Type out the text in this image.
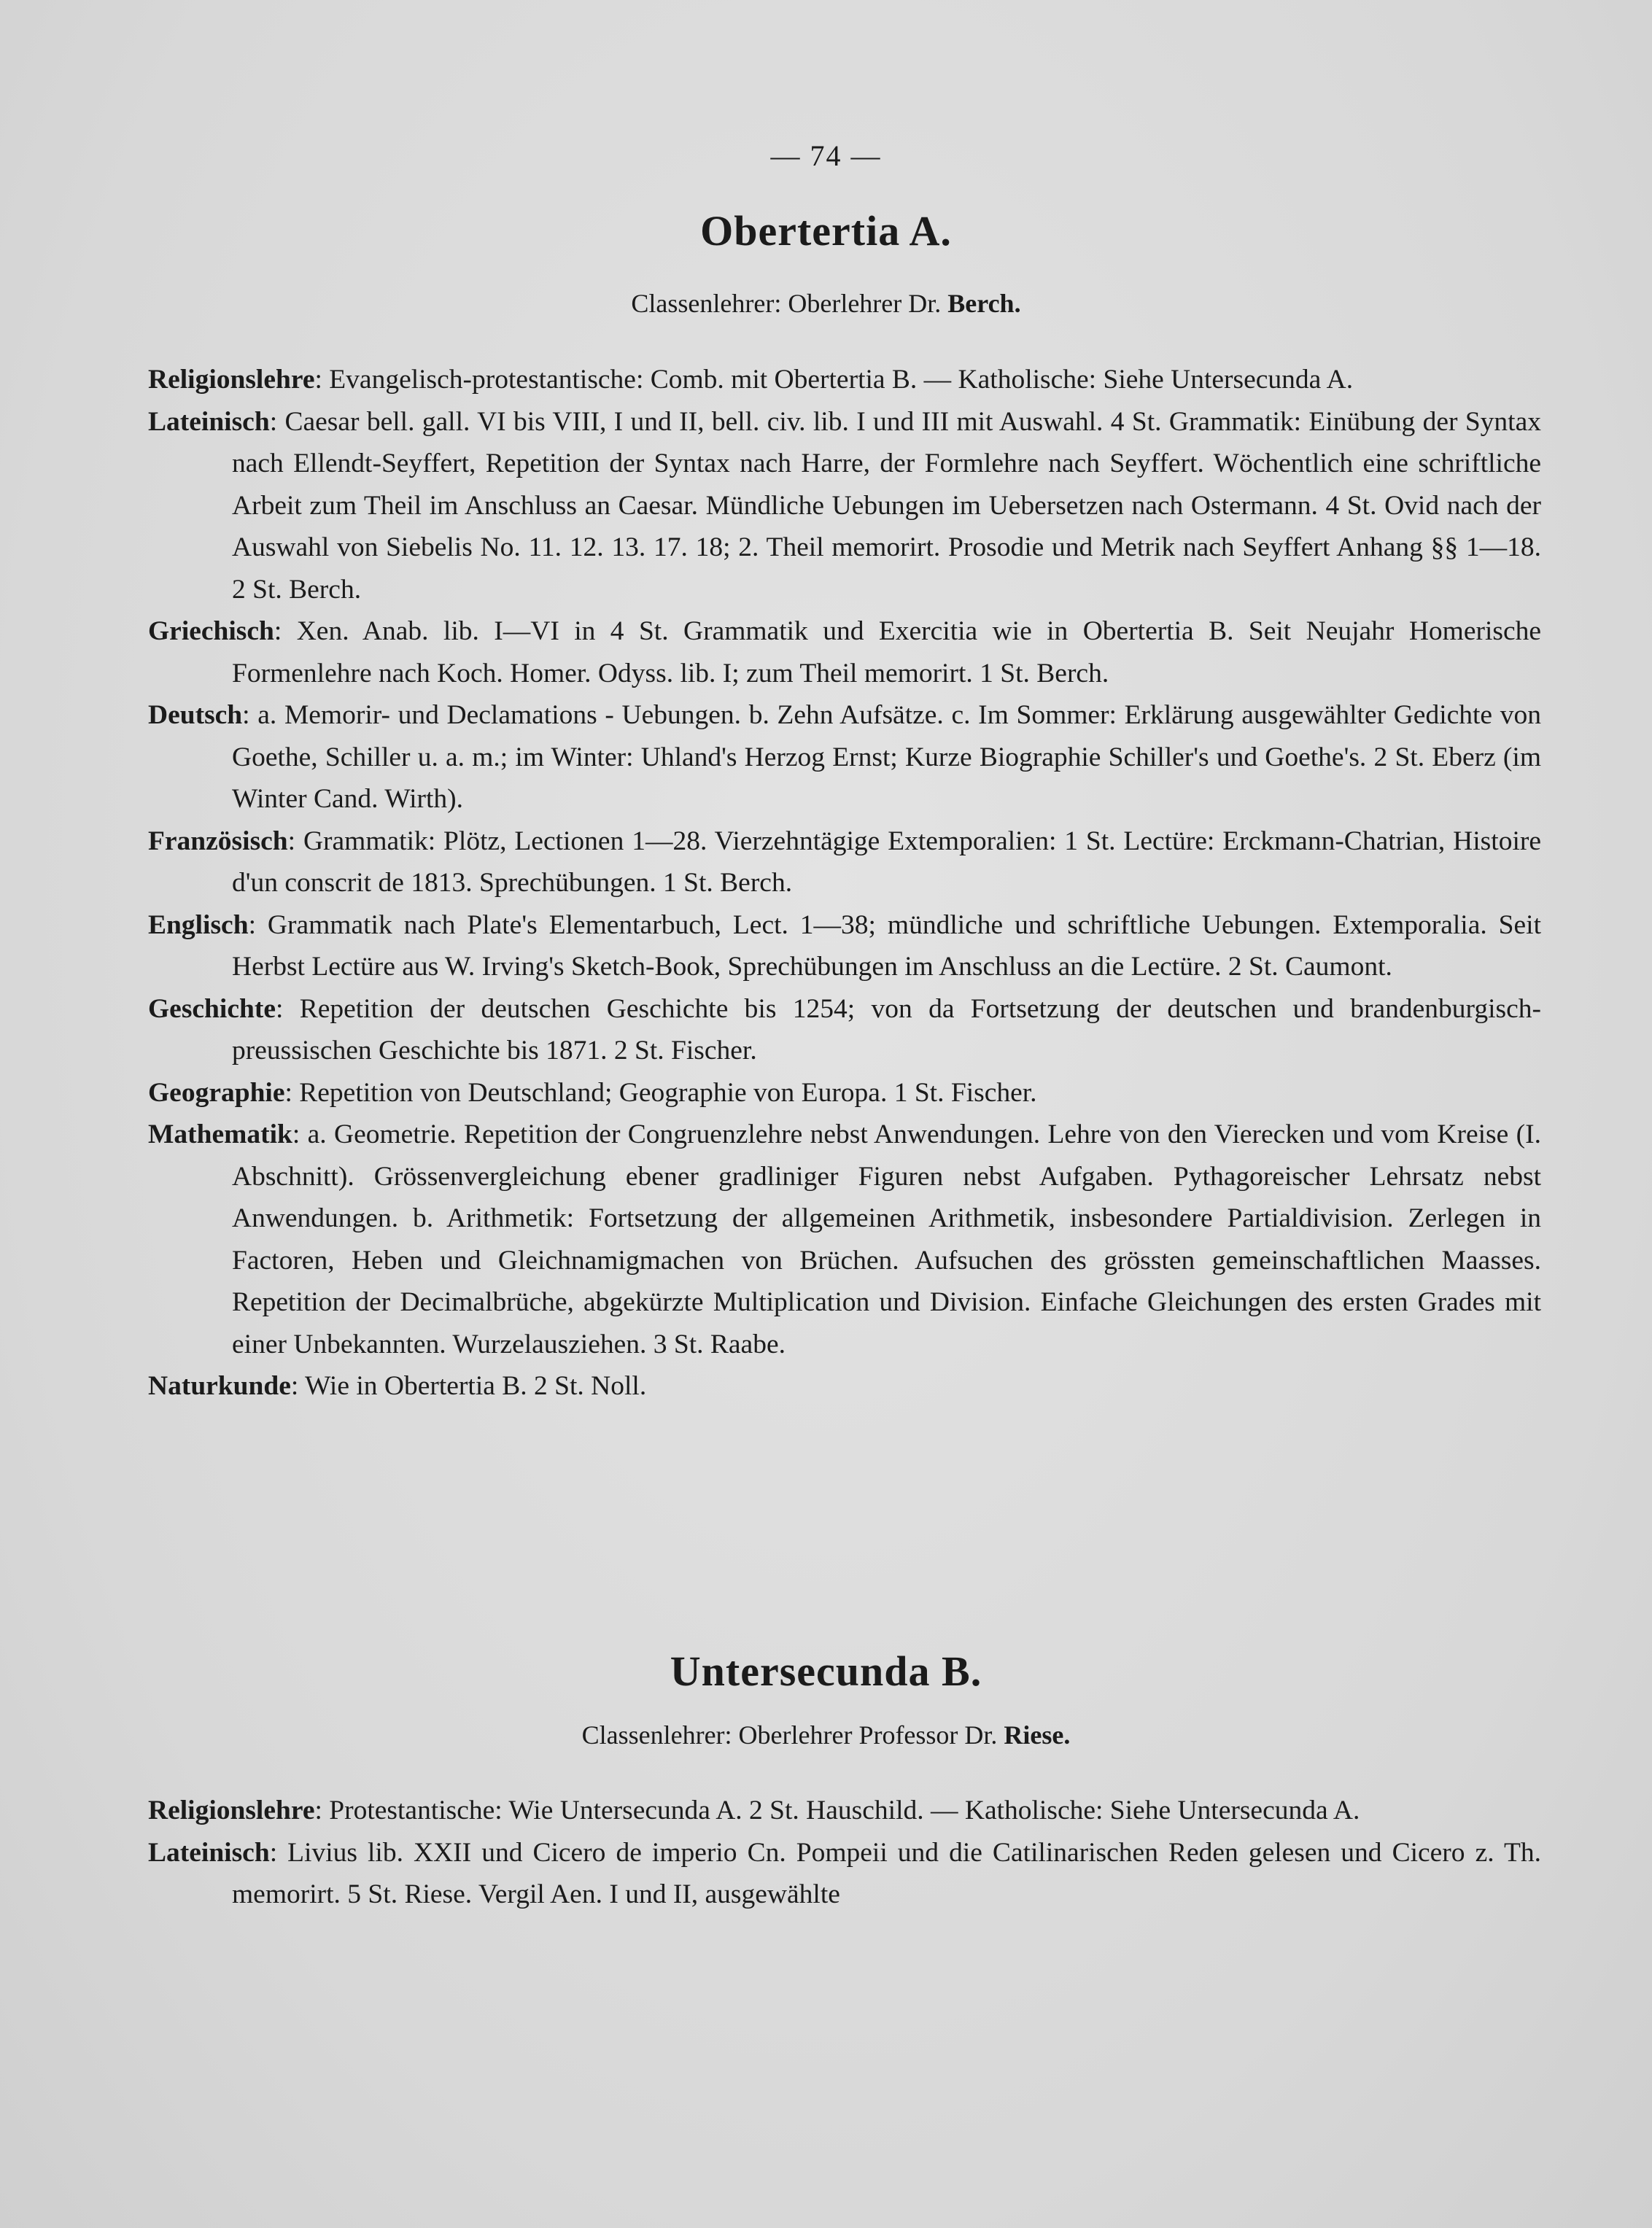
— 74 —
Obertertia A.
Classenlehrer: Oberlehrer Dr. Berch.

Religionslehre: Evangelisch-protestantische: Comb. mit Obertertia B. — Katholische: Siehe Untersecunda A.

Lateinisch: Caesar bell. gall. VI bis VIII, I und II, bell. civ. lib. I und III mit Auswahl. 4 St. Grammatik: Einübung der Syntax nach Ellendt-Seyffert, Repetition der Syntax nach Harre, der Formlehre nach Seyffert. Wöchentlich eine schriftliche Arbeit zum Theil im Anschluss an Caesar. Mündliche Uebungen im Uebersetzen nach Ostermann. 4 St. Ovid nach der Auswahl von Siebelis No. 11. 12. 13. 17. 18; 2. Theil memorirt. Prosodie und Metrik nach Seyffert Anhang §§ 1—18. 2 St. Berch.

Griechisch: Xen. Anab. lib. I—VI in 4 St. Grammatik und Exercitia wie in Obertertia B. Seit Neujahr Homerische Formenlehre nach Koch. Homer. Odyss. lib. I; zum Theil memorirt. 1 St. Berch.

Deutsch: a. Memorir- und Declamations - Uebungen. b. Zehn Aufsätze. c. Im Sommer: Erklärung ausgewählter Gedichte von Goethe, Schiller u. a. m.; im Winter: Uhland's Herzog Ernst; Kurze Biographie Schiller's und Goethe's. 2 St. Eberz (im Winter Cand. Wirth).

Französisch: Grammatik: Plötz, Lectionen 1—28. Vierzehntägige Extemporalien: 1 St. Lectüre: Erckmann-Chatrian, Histoire d'un conscrit de 1813. Sprechübungen. 1 St. Berch.

Englisch: Grammatik nach Plate's Elementarbuch, Lect. 1—38; mündliche und schriftliche Uebungen. Extemporalia. Seit Herbst Lectüre aus W. Irving's Sketch-Book, Sprechübungen im Anschluss an die Lectüre. 2 St. Caumont.

Geschichte: Repetition der deutschen Geschichte bis 1254; von da Fortsetzung der deutschen und brandenburgisch-preussischen Geschichte bis 1871. 2 St. Fischer.

Geographie: Repetition von Deutschland; Geographie von Europa. 1 St. Fischer.

Mathematik: a. Geometrie. Repetition der Congruenzlehre nebst Anwendungen. Lehre von den Vierecken und vom Kreise (I. Abschnitt). Grössenvergleichung ebener gradliniger Figuren nebst Aufgaben. Pythagoreischer Lehrsatz nebst Anwendungen. b. Arithmetik: Fortsetzung der allgemeinen Arithmetik, insbesondere Partialdivision. Zerlegen in Factoren, Heben und Gleichnamigmachen von Brüchen. Aufsuchen des grössten gemeinschaftlichen Maasses. Repetition der Decimalbrüche, abgekürzte Multiplication und Division. Einfache Gleichungen des ersten Grades mit einer Unbekannten. Wurzelausziehen. 3 St. Raabe.

Naturkunde: Wie in Obertertia B. 2 St. Noll.

Untersecunda B.
Classenlehrer: Oberlehrer Professor Dr. Riese.

Religionslehre: Protestantische: Wie Untersecunda A. 2 St. Hauschild. — Katholische: Siehe Untersecunda A.

Lateinisch: Livius lib. XXII und Cicero de imperio Cn. Pompeii und die Catilinarischen Reden gelesen und Cicero z. Th. memorirt. 5 St. Riese. Vergil Aen. I und II, ausgewählte
